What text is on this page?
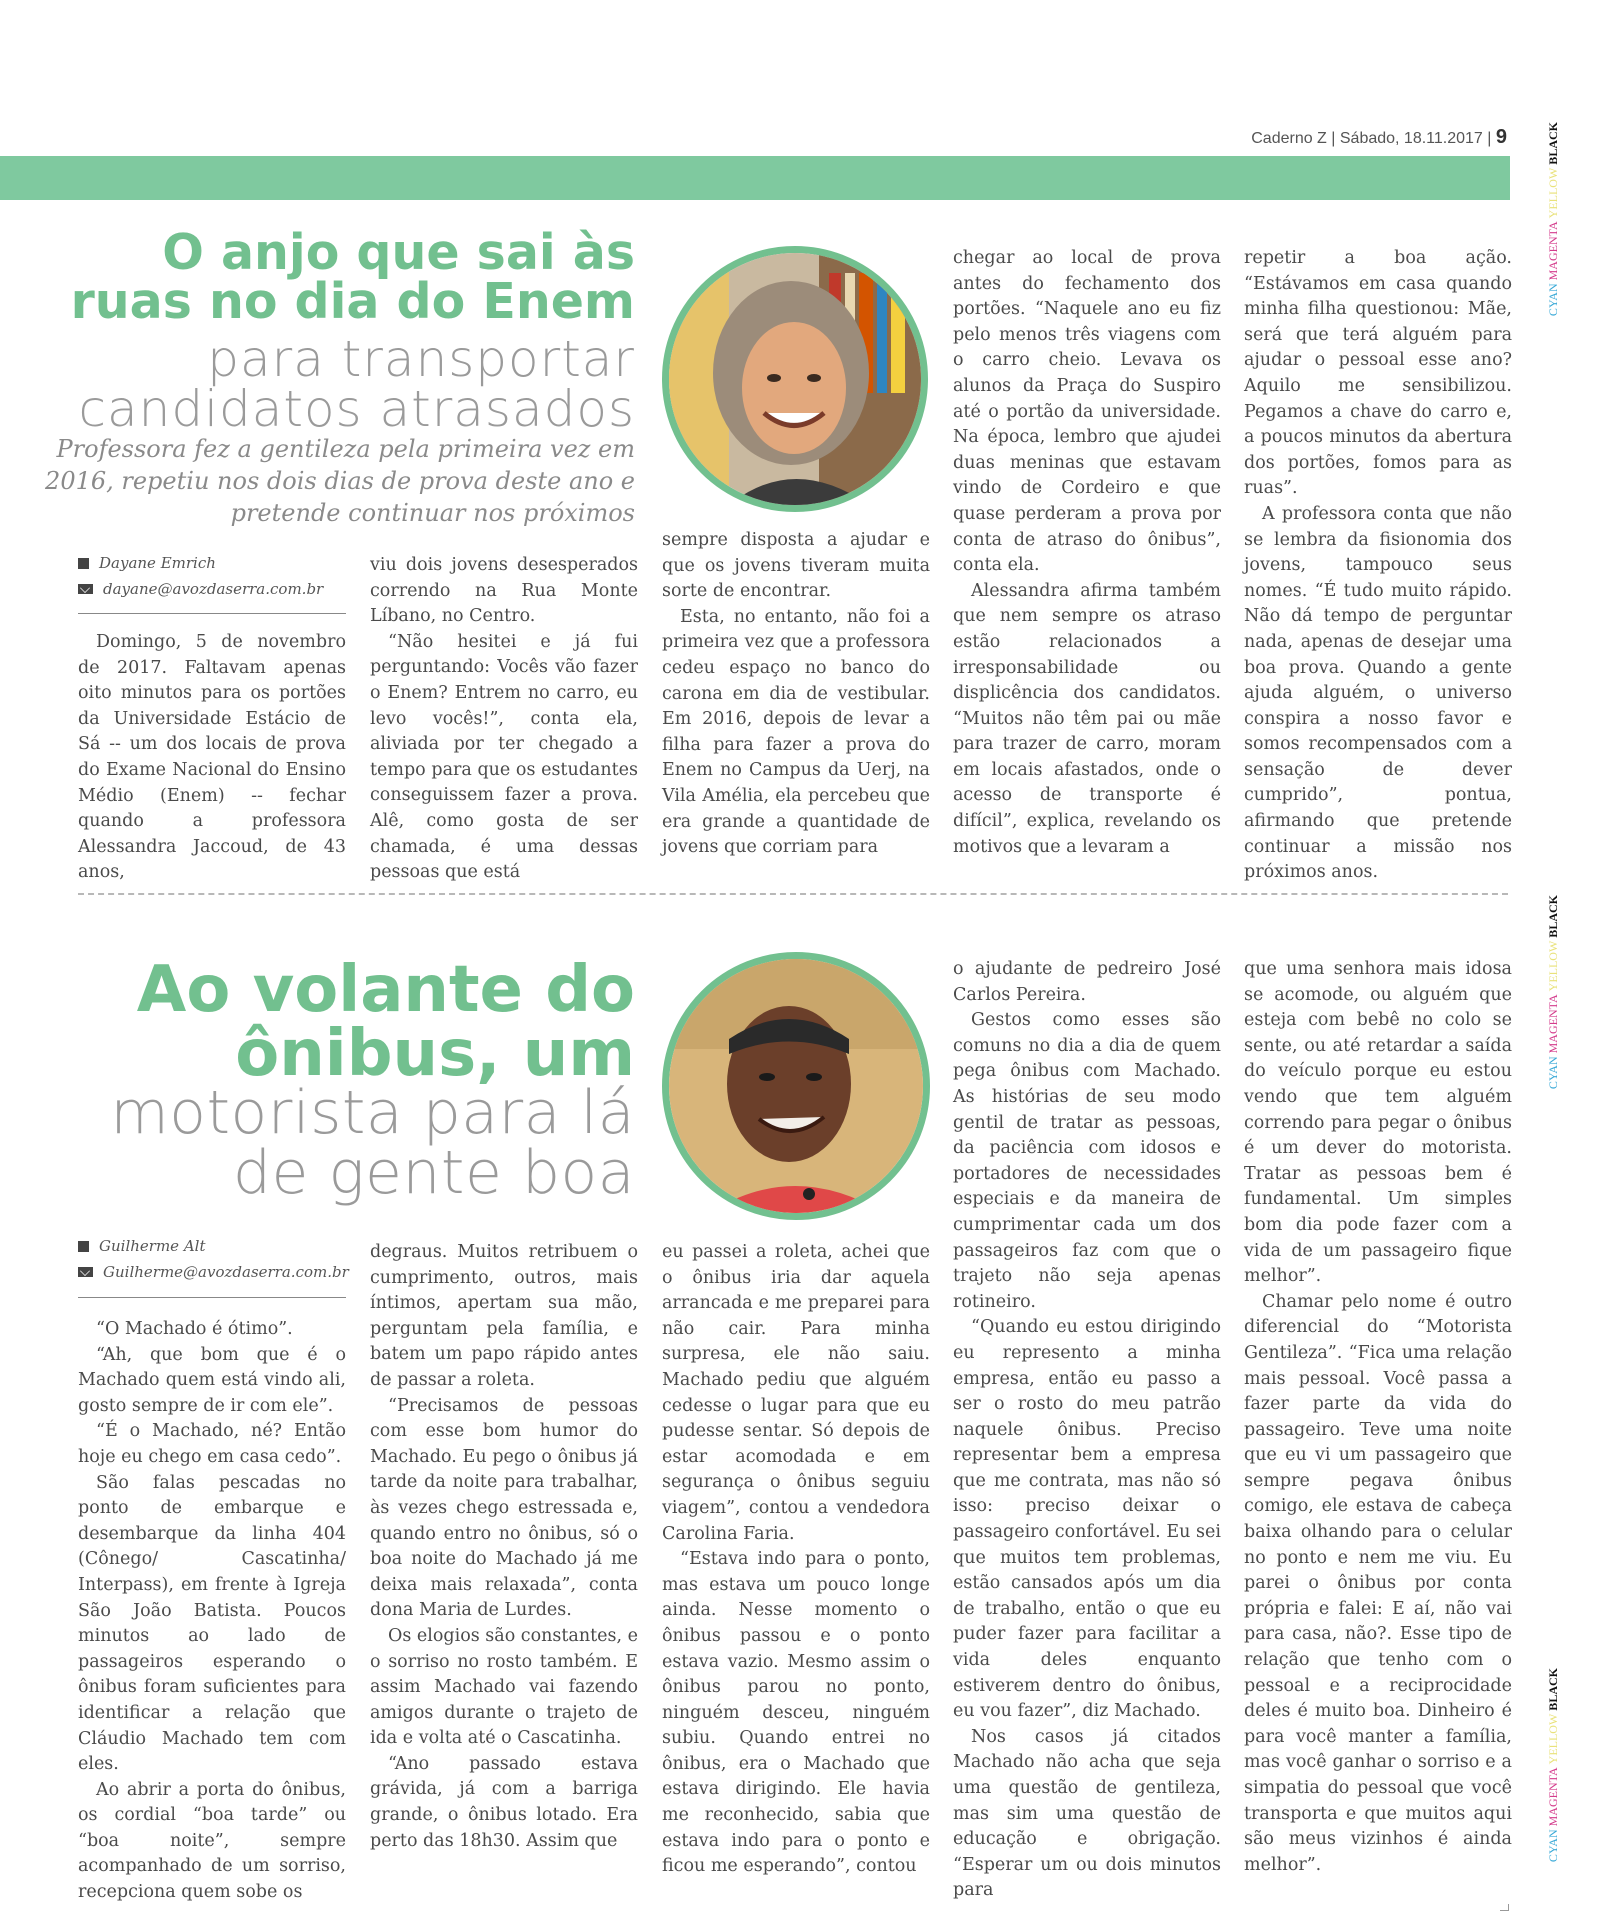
Caderno Z | Sábado, 18.11.2017 | 9
CYAN MAGENTA YELLOW BLACK
CYAN MAGENTA YELLOW BLACK
CYAN MAGENTA YELLOW BLACK
O anjo que sai às
ruas no dia do Enem
para transportar
candidatos atrasados
Professora fez a gentileza pela primeira vez em 2016, repetiu nos dois dias de prova deste ano e pretende continuar nos próximos
Dayane Emrich
dayane@avozdaserra.com.br

Domingo, 5 de novembro de 2017. Faltavam apenas oito minutos para os portões da Universidade Estácio de Sá -- um dos locais de prova do Exame Nacional do Ensino Médio (Enem) -- fechar quando a professora Alessandra Jaccoud, de 43 anos,

viu dois jovens desesperados correndo na Rua Monte Líbano, no Centro.

“Não hesitei e já fui perguntando: Vocês vão fazer o Enem? Entrem no carro, eu levo vocês!”, conta ela, aliviada por ter chegado a tempo para que os estudantes conseguissem fazer a prova. Alê, como gosta de ser chamada, é uma dessas pessoas que está

sempre disposta a ajudar e que os jovens tiveram muita sorte de encontrar.

Esta, no entanto, não foi a primeira vez que a professora cedeu espaço no banco do carona em dia de vestibular. Em 2016, depois de levar a filha para fazer a prova do Enem no Campus da Uerj, na Vila Amélia, ela percebeu que era grande a quantidade de jovens que corriam para

chegar ao local de prova antes do fechamento dos portões. “Naquele ano eu fiz pelo menos três viagens com o carro cheio. Levava os alunos da Praça do Suspiro até o portão da universidade. Na época, lembro que ajudei duas meninas que estavam vindo de Cordeiro e que quase perderam a prova por conta de atraso do ônibus”, conta ela.

Alessandra afirma também que nem sempre os atraso estão relacionados a irresponsabilidade ou displicência dos candidatos. “Muitos não têm pai ou mãe para trazer de carro, moram em locais afastados, onde o acesso de transporte é difícil”, explica, revelando os motivos que a levaram a

repetir a boa ação. “Estávamos em casa quando minha filha questionou: Mãe, será que terá alguém para ajudar o pessoal esse ano? Aquilo me sensibilizou. Pegamos a chave do carro e, a poucos minutos da abertura dos portões, fomos para as ruas”.

A professora conta que não se lembra da fisionomia dos jovens, tampouco seus nomes. “É tudo muito rápido. Não dá tempo de perguntar nada, apenas de desejar uma boa prova. Quando a gente ajuda alguém, o universo conspira a nosso favor e somos recompensados com a sensação de dever cumprido”, pontua, afirmando que pretende continuar a missão nos próximos anos.

Ao volante do
ônibus, um
motorista para lá
de gente boa
Guilherme Alt
Guilherme@avozdaserra.com.br

“O Machado é ótimo”.

“Ah, que bom que é o Machado quem está vindo ali, gosto sempre de ir com ele”.

“É o Machado, né? Então hoje eu chego em casa cedo”.

São falas pescadas no ponto de embarque e desembarque da linha 404 (Cônego/ Cascatinha/ Interpass), em frente à Igreja São João Batista. Poucos minutos ao lado de passageiros esperando o ônibus foram suficientes para identificar a relação que Cláudio Machado tem com eles.

Ao abrir a porta do ônibus, os cordial “boa tarde” ou “boa noite”, sempre acompanhado de um sorriso, recepciona quem sobe os

degraus. Muitos retribuem o cumprimento, outros, mais íntimos, apertam sua mão, perguntam pela família, e batem um papo rápido antes de passar a roleta.

“Precisamos de pessoas com esse bom humor do Machado. Eu pego o ônibus já tarde da noite para trabalhar, às vezes chego estressada e, quando entro no ônibus, só o boa noite do Machado já me deixa mais relaxada”, conta dona Maria de Lurdes.

Os elogios são constantes, e o sorriso no rosto também. E assim Machado vai fazendo amigos durante o trajeto de ida e volta até o Cascatinha.

“Ano passado estava grávida, já com a barriga grande, o ônibus lotado. Era perto das 18h30. Assim que

eu passei a roleta, achei que o ônibus iria dar aquela arrancada e me preparei para não cair. Para minha surpresa, ele não saiu. Machado pediu que alguém cedesse o lugar para que eu pudesse sentar. Só depois de estar acomodada e em segurança o ônibus seguiu viagem”, contou a vendedora Carolina Faria.

“Estava indo para o ponto, mas estava um pouco longe ainda. Nesse momento o ônibus passou e o ponto estava vazio. Mesmo assim o ônibus parou no ponto, ninguém desceu, ninguém subiu. Quando entrei no ônibus, era o Machado que estava dirigindo. Ele havia me reconhecido, sabia que estava indo para o ponto e ficou me esperando”, contou

o ajudante de pedreiro José Carlos Pereira.

Gestos como esses são comuns no dia a dia de quem pega ônibus com Machado. As histórias de seu modo gentil de tratar as pessoas, da paciência com idosos e portadores de necessidades especiais e da maneira de cumprimentar cada um dos passageiros faz com que o trajeto não seja apenas rotineiro.

“Quando eu estou dirigindo eu represento a minha empresa, então eu passo a ser o rosto do meu patrão naquele ônibus. Preciso representar bem a empresa que me contrata, mas não só isso: preciso deixar o passageiro confortável. Eu sei que muitos tem problemas, estão cansados após um dia de trabalho, então o que eu puder fazer para facilitar a vida deles enquanto estiverem dentro do ônibus, eu vou fazer”, diz Machado.

Nos casos já citados Machado não acha que seja uma questão de gentileza, mas sim uma questão de educação e obrigação. “Esperar um ou dois minutos para

que uma senhora mais idosa se acomode, ou alguém que esteja com bebê no colo se sente, ou até retardar a saída do veículo porque eu estou vendo que tem alguém correndo para pegar o ônibus é um dever do motorista. Tratar as pessoas bem é fundamental. Um simples bom dia pode fazer com a vida de um passageiro fique melhor”.

Chamar pelo nome é outro diferencial do “Motorista Gentileza”. “Fica uma relação mais pessoal. Você passa a fazer parte da vida do passageiro. Teve uma noite que eu vi um passageiro que sempre pegava ônibus comigo, ele estava de cabeça baixa olhando para o celular no ponto e nem me viu. Eu parei o ônibus por conta própria e falei: E aí, não vai para casa, não?. Esse tipo de relação que tenho com o pessoal e a reciprocidade deles é muito boa. Dinheiro é para você manter a família, mas você ganhar o sorriso e a simpatia do pessoal que você transporta e que muitos aqui são meus vizinhos é ainda melhor”.
